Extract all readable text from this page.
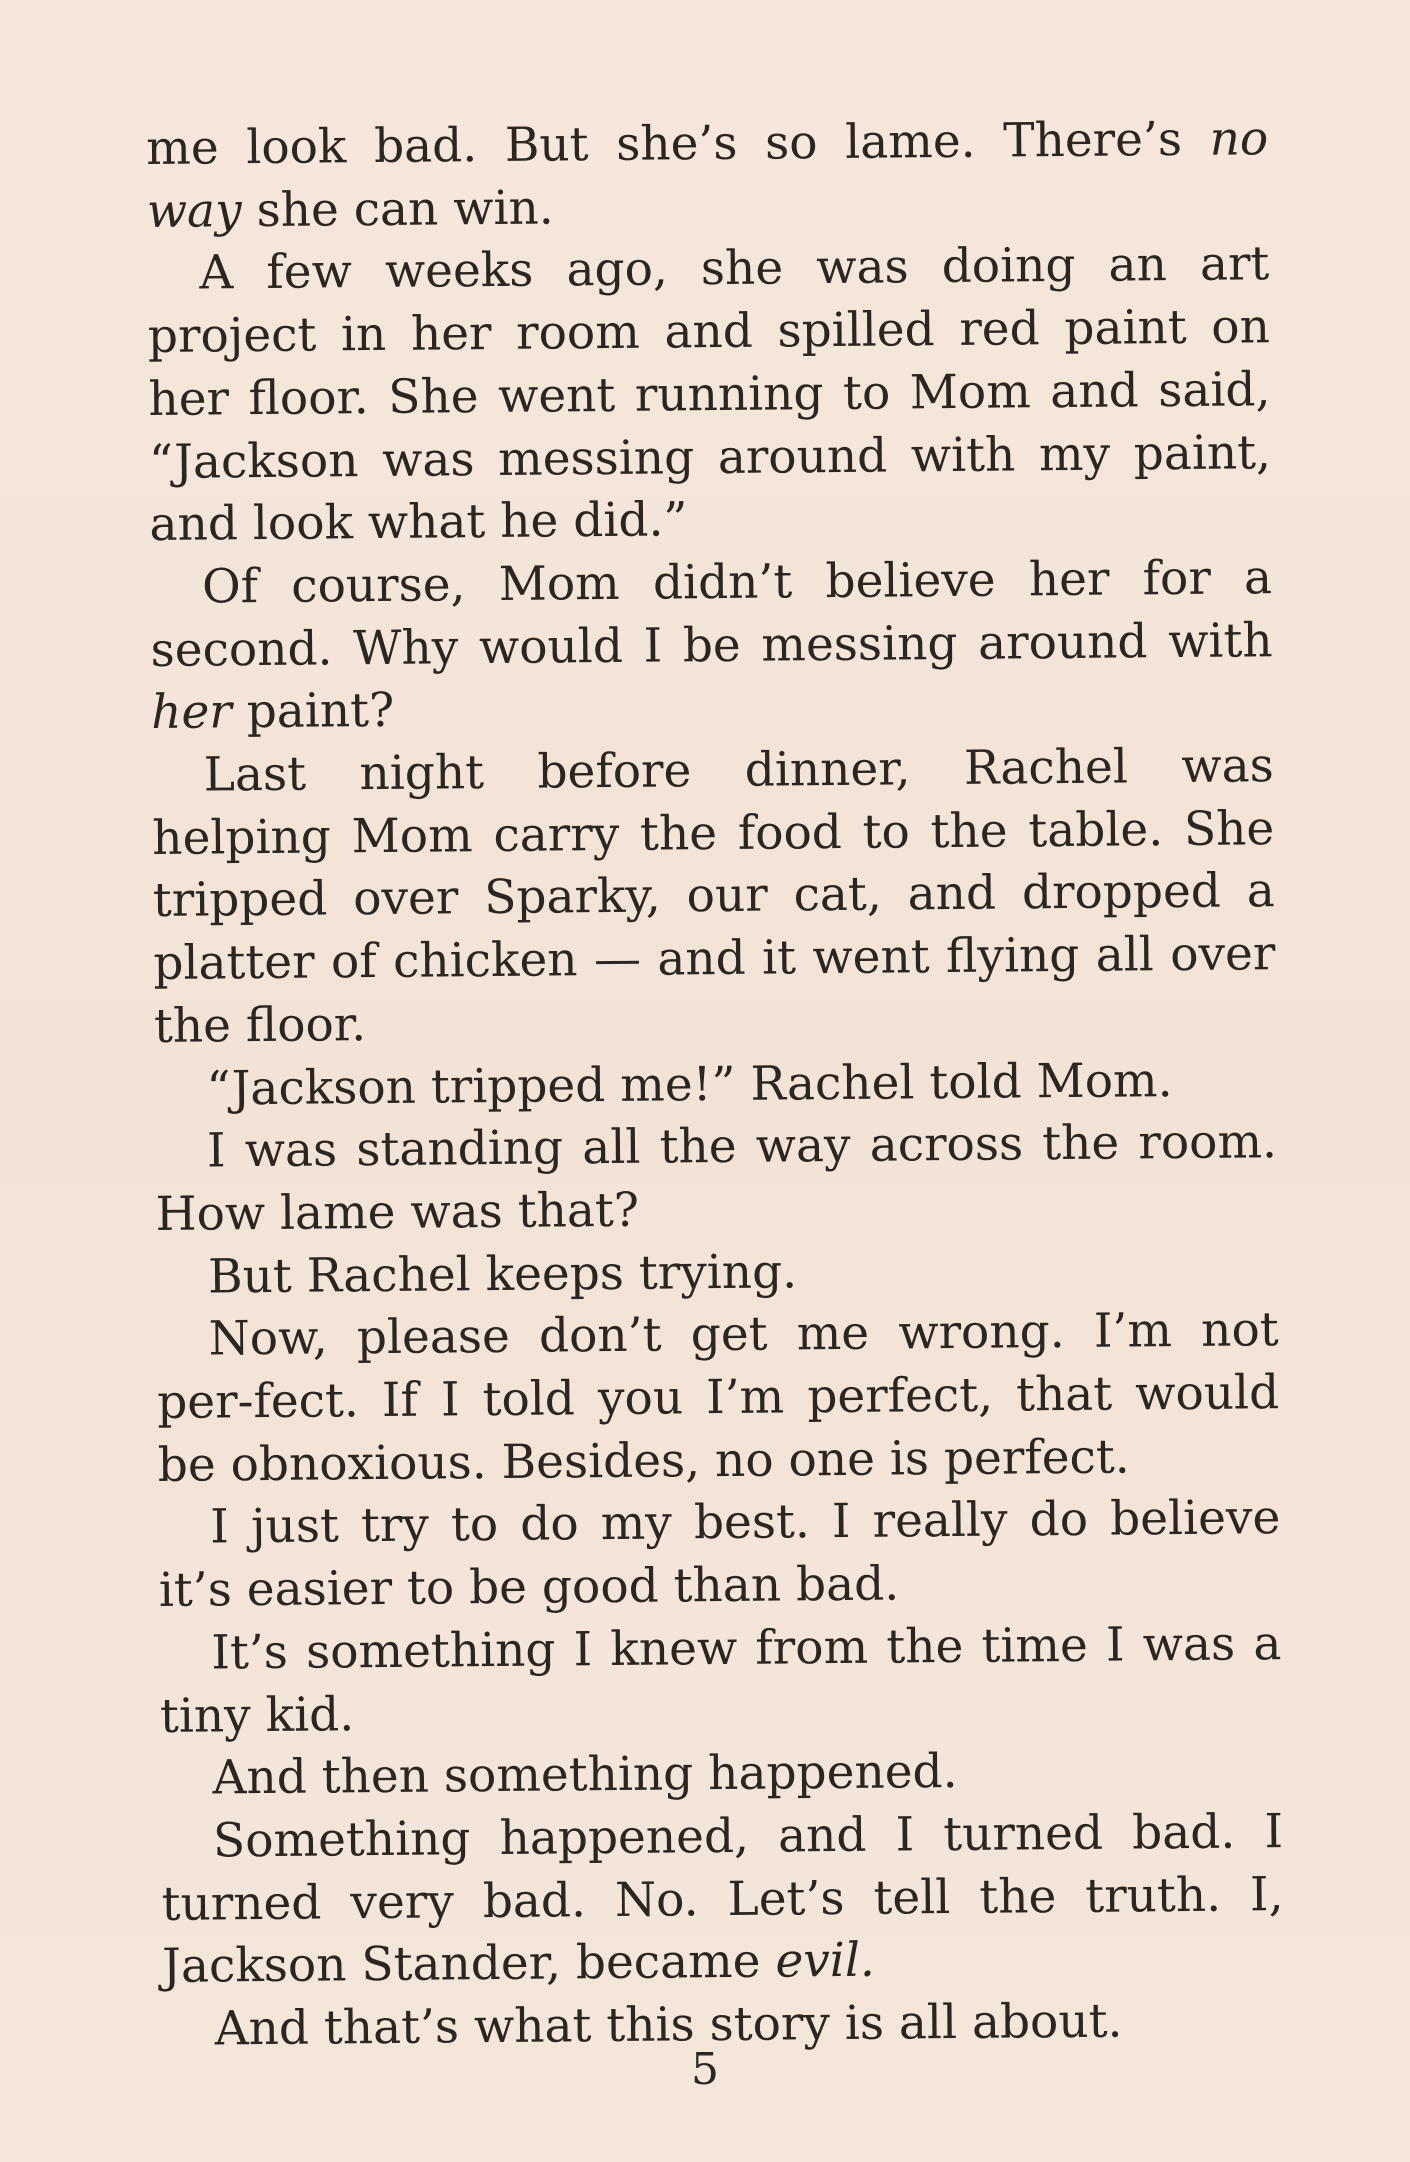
me look bad. But she’s so lame. There’s no way she can win.

A few weeks ago, she was doing an art project in her room and spilled red paint on her floor. She went running to Mom and said, “Jackson was messing around with my paint, and look what he did.”

Of course, Mom didn’t believe her for a second. Why would I be messing around with her paint?

Last night before dinner, Rachel was helping Mom carry the food to the table. She tripped over Sparky, our cat, and dropped a platter of chicken — and it went flying all over the floor.

“Jackson tripped me!” Rachel told Mom.

I was standing all the way across the room. How lame was that?

But Rachel keeps trying.

Now, please don’t get me wrong. I’m not per-fect. If I told you I’m perfect, that would be obnoxious. Besides, no one is perfect.

I just try to do my best. I really do believe it’s easier to be good than bad.

It’s something I knew from the time I was a tiny kid.

And then something happened.

Something happened, and I turned bad. I turned very bad. No. Let’s tell the truth. I, Jackson Stander, became evil.

And that’s what this story is all about.

5
